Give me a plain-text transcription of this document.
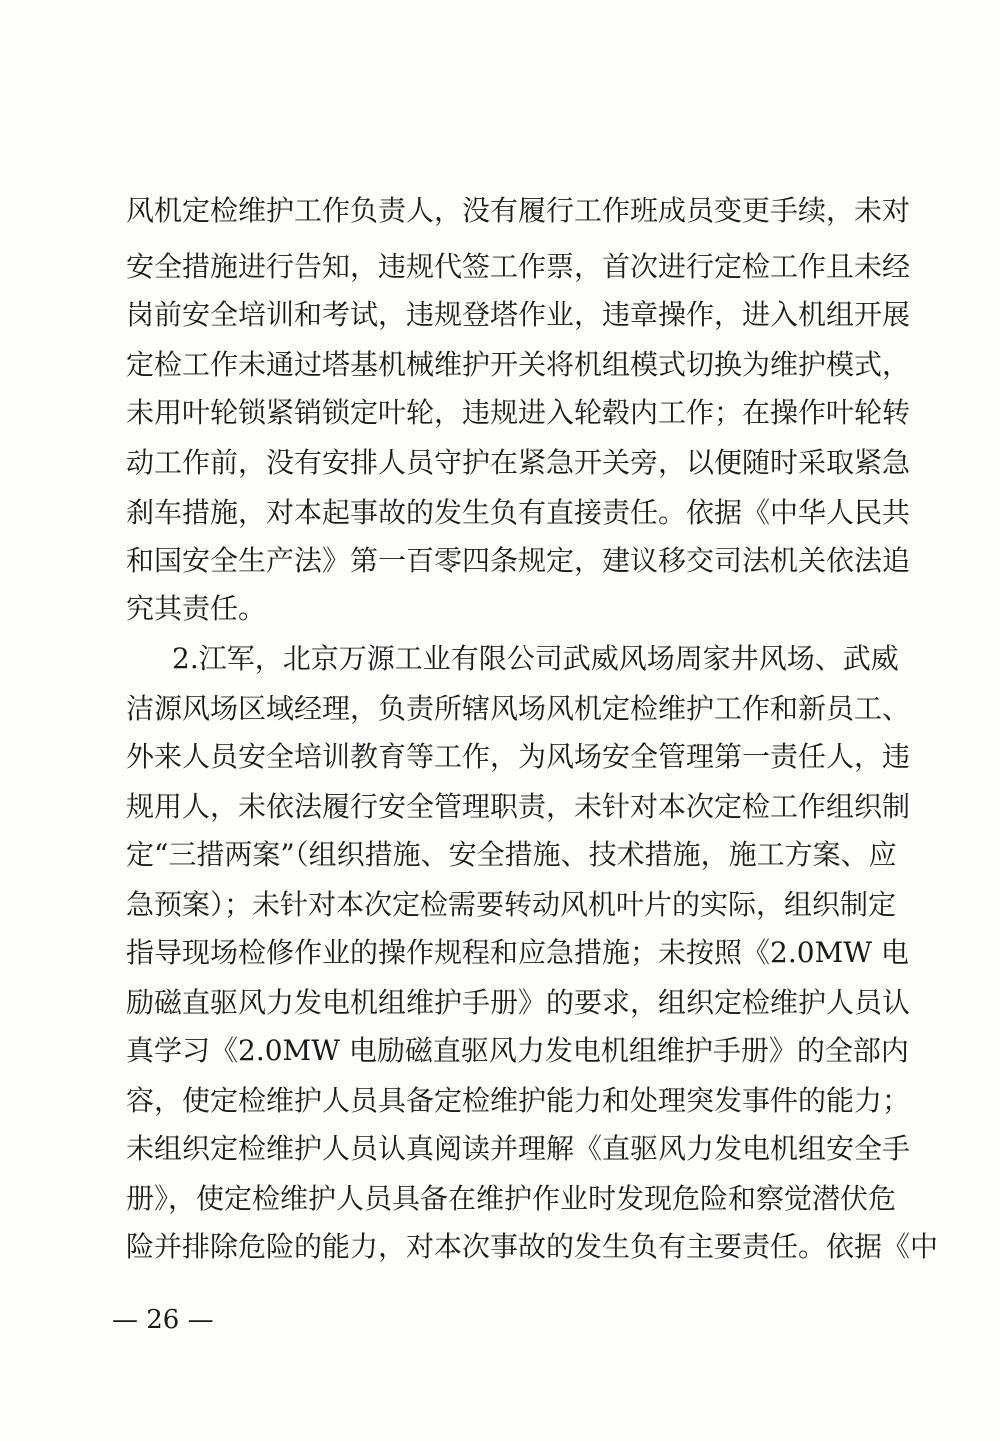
风机定检维护工作负责人，没有履行工作班成员变更手续，未对
安全措施进行告知，违规代签工作票，首次进行定检工作且未经
岗前安全培训和考试，违规登塔作业，违章操作，进入机组开展
定检工作未通过塔基机械维护开关将机组模式切换为维护模式，
未用叶轮锁紧销锁定叶轮，违规进入轮毂内工作；在操作叶轮转
动工作前，没有安排人员守护在紧急开关旁，以便随时采取紧急
刹车措施，对本起事故的发生负有直接责任。依据《中华人民共
和国安全生产法》第一百零四条规定，建议移交司法机关依法追
究其责任。
2.江军，北京万源工业有限公司武威风场周家井风场、武威
洁源风场区域经理，负责所辖风场风机定检维护工作和新员工、
外来人员安全培训教育等工作，为风场安全管理第一责任人，违
规用人，未依法履行安全管理职责，未针对本次定检工作组织制
定“三措两案”（组织措施、安全措施、技术措施，施工方案、应
急预案）；未针对本次定检需要转动风机叶片的实际，组织制定
指导现场检修作业的操作规程和应急措施；未按照《2.0MW 电
励磁直驱风力发电机组维护手册》的要求，组织定检维护人员认
真学习《2.0MW 电励磁直驱风力发电机组维护手册》的全部内
容，使定检维护人员具备定检维护能力和处理突发事件的能力；
未组织定检维护人员认真阅读并理解《直驱风力发电机组安全手
册》，使定检维护人员具备在维护作业时发现危险和察觉潜伏危
险并排除危险的能力，对本次事故的发生负有主要责任。依据《中
— 26 —
